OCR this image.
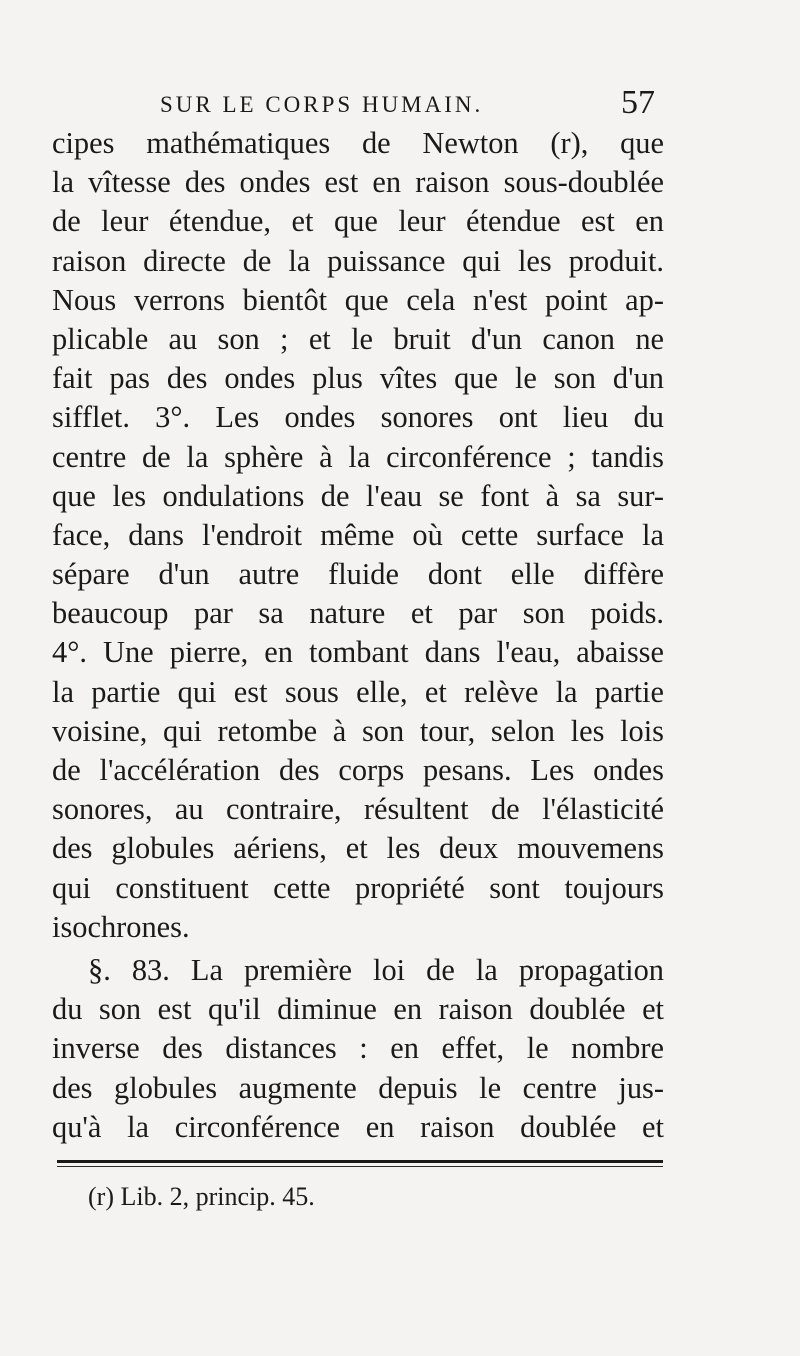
SUR LE CORPS HUMAIN.	57
cipes mathématiques de Newton (r), que
la vîtesse des ondes est en raison sous-doublée
de leur étendue, et que leur étendue est en
raison directe de la puissance qui les produit.
Nous verrons bientôt que cela n'est point ap-
plicable au son ; et le bruit d'un canon ne
fait pas des ondes plus vîtes que le son d'un
sifflet. 3°. Les ondes sonores ont lieu du
centre de la sphère à la circonférence ; tandis
que les ondulations de l'eau se font à sa sur-
face, dans l'endroit même où cette surface la
sépare d'un autre fluide dont elle diffère
beaucoup par sa nature et par son poids.
4°. Une pierre, en tombant dans l'eau, abaisse
la partie qui est sous elle, et relève la partie
voisine, qui retombe à son tour, selon les lois
de l'accélération des corps pesans. Les ondes
sonores, au contraire, résultent de l'élasticité
des globules aériens, et les deux mouvemens
qui constituent cette propriété sont toujours
isochrones.
§. 83. La première loi de la propagation
du son est qu'il diminue en raison doublée et
inverse des distances : en effet, le nombre
des globules augmente depuis le centre jus-
qu'à la circonférence en raison doublée et
(r) Lib. 2, princip. 45.
